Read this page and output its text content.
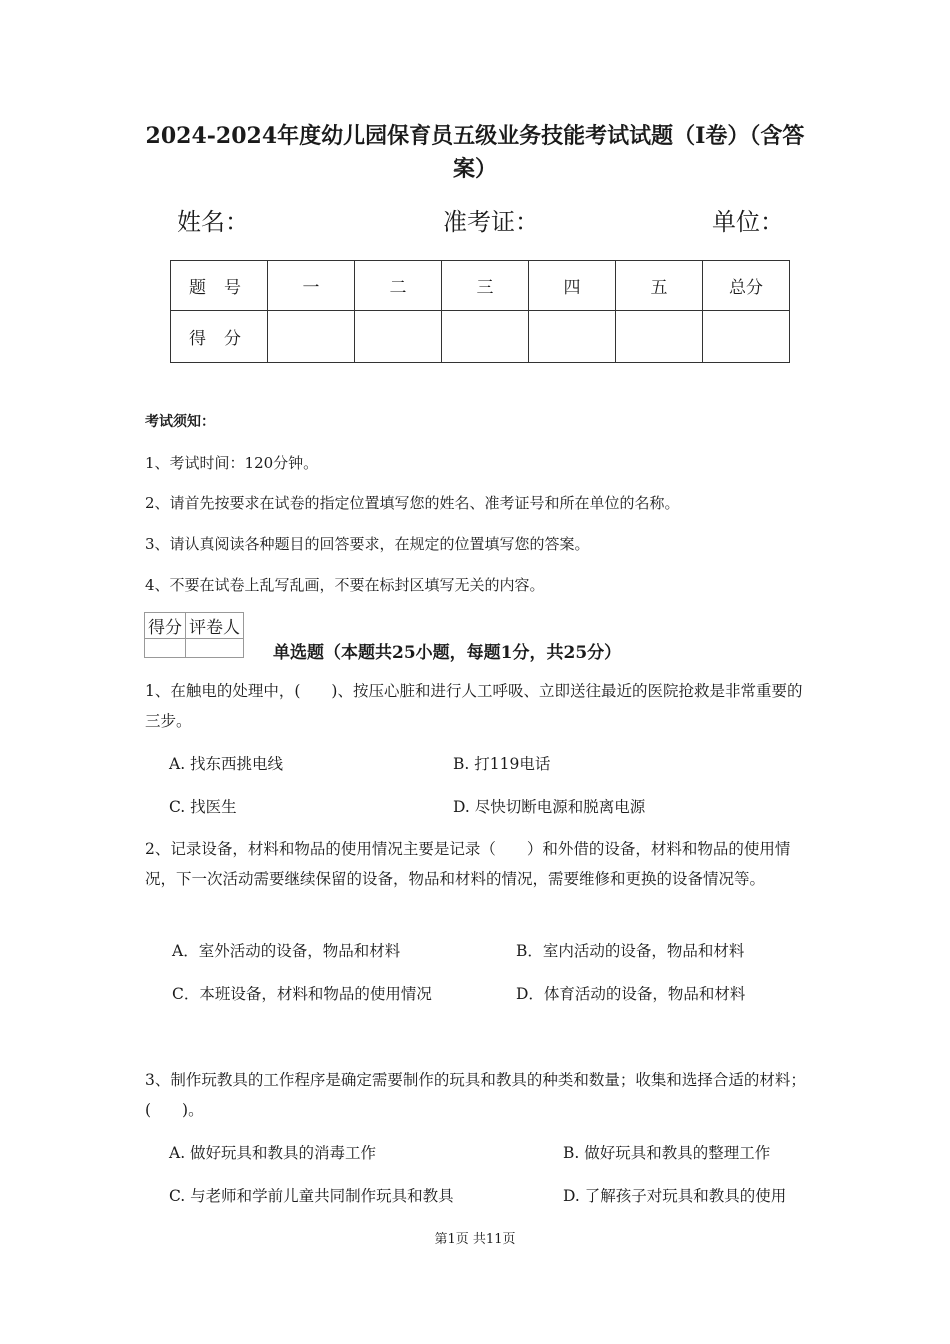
2024-2024年度幼儿园保育员五级业务技能考试试题（I卷）（含答案）
姓名：	准考证：	单位：
题号	一	二	三	四	五	总分
得分						
考试须知：
1、考试时间：120分钟。
2、请首先按要求在试卷的指定位置填写您的姓名、准考证号和所在单位的名称。
3、请认真阅读各种题目的回答要求，在规定的位置填写您的答案。
4、不要在试卷上乱写乱画，不要在标封区填写无关的内容。
得分	评卷人

单选题（本题共25小题，每题1分，共25分）
1、在触电的处理中，(　　)、按压心脏和进行人工呼吸、立即送往最近的医院抢救是非常重要的三步。
A. 找东西挑电线	B. 打119电话
C. 找医生	D. 尽快切断电源和脱离电源
2、记录设备，材料和物品的使用情况主要是记录（　　）和外借的设备，材料和物品的使用情况，下一次活动需要继续保留的设备，物品和材料的情况，需要维修和更换的设备情况等。
A．室外活动的设备，物品和材料	B．室内活动的设备，物品和材料
C．本班设备，材料和物品的使用情况	D．体育活动的设备，物品和材料
3、制作玩教具的工作程序是确定需要制作的玩具和教具的种类和数量；收集和选择合适的材料；(　　)。
A. 做好玩具和教具的消毒工作	B. 做好玩具和教具的整理工作
C. 与老师和学前儿童共同制作玩具和教具	D. 了解孩子对玩具和教具的使用
第1页 共11页
